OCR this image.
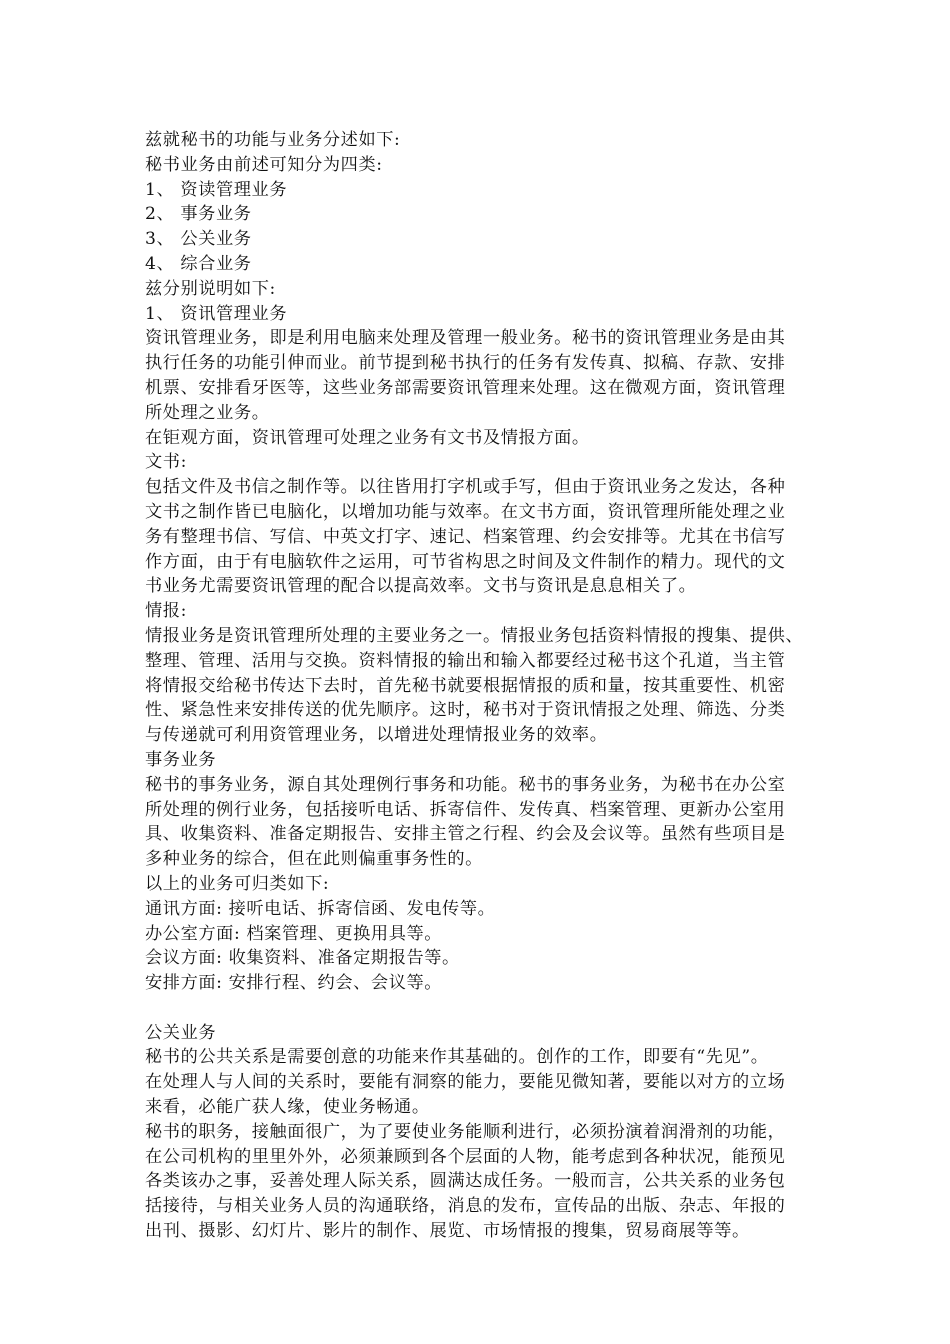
兹就秘书的功能与业务分述如下:
秘书业务由前述可知分为四类:
1、 资读管理业务
2、 事务业务
3、 公关业务
4、 综合业务
兹分别说明如下:
1、 资讯管理业务
资讯管理业务，即是利用电脑来处理及管理一般业务。秘书的资讯管理业务是由其
执行任务的功能引伸而业。前节提到秘书执行的任务有发传真、拟稿、存款、安排
机票、安排看牙医等，这些业务部需要资讯管理来处理。这在微观方面，资讯管理
所处理之业务。
在钜观方面，资讯管理可处理之业务有文书及情报方面。
文书:
包括文件及书信之制作等。以往皆用打字机或手写，但由于资讯业务之发达，各种
文书之制作皆已电脑化，以增加功能与效率。在文书方面，资讯管理所能处理之业
务有整理书信、写信、中英文打字、速记、档案管理、约会安排等。尤其在书信写
作方面，由于有电脑软件之运用，可节省构思之时间及文件制作的精力。现代的文
书业务尤需要资讯管理的配合以提高效率。文书与资讯是息息相关了。
情报:
情报业务是资讯管理所处理的主要业务之一。情报业务包括资料情报的搜集、提供、
整理、管理、活用与交换。资料情报的输出和输入都要经过秘书这个孔道，当主管
将情报交给秘书传达下去时，首先秘书就要根据情报的质和量，按其重要性、机密
性、紧急性来安排传送的优先顺序。这时，秘书对于资讯情报之处理、筛选、分类
与传递就可利用资管理业务，以增进处理情报业务的效率。
事务业务
秘书的事务业务，源自其处理例行事务和功能。秘书的事务业务，为秘书在办公室
所处理的例行业务，包括接听电话、拆寄信件、发传真、档案管理、更新办公室用
具、收集资料、准备定期报告、安排主管之行程、约会及会议等。虽然有些项目是
多种业务的综合，但在此则偏重事务性的。
以上的业务可归类如下:
通讯方面: 接听电话、拆寄信函、发电传等。
办公室方面: 档案管理、更换用具等。
会议方面: 收集资料、准备定期报告等。
安排方面: 安排行程、约会、会议等。
公关业务
秘书的公共关系是需要创意的功能来作其基础的。创作的工作，即要有“先见”。
在处理人与人间的关系时，要能有洞察的能力，要能见微知著，要能以对方的立场
来看，必能广获人缘，使业务畅通。
秘书的职务，接触面很广，为了要使业务能顺利进行，必须扮演着润滑剂的功能，
在公司机构的里里外外，必须兼顾到各个层面的人物，能考虑到各种状况，能预见
各类该办之事，妥善处理人际关系，圆满达成任务。一般而言，公共关系的业务包
括接待，与相关业务人员的沟通联络，消息的发布，宣传品的出版、杂志、年报的
出刊、摄影、幻灯片、影片的制作、展览、市场情报的搜集，贸易商展等等。
